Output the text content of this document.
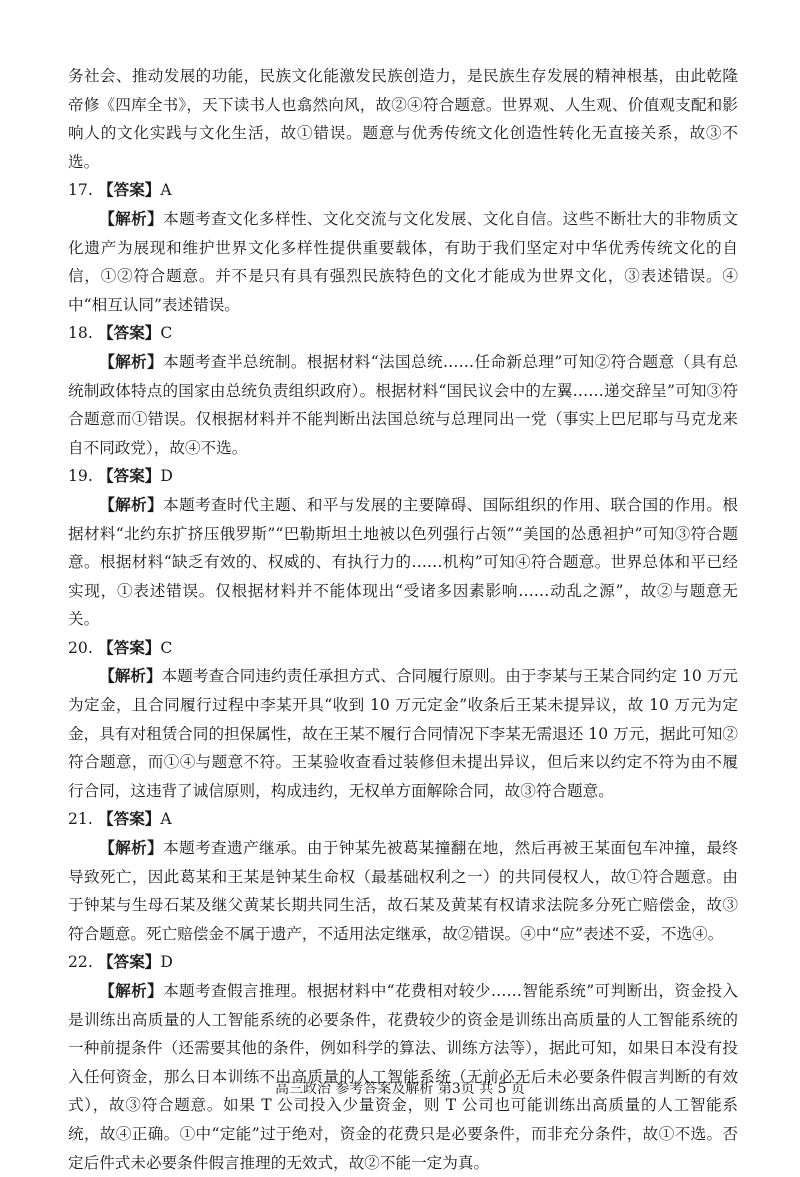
务社会、推动发展的功能，民族文化能激发民族创造力，是民族生存发展的精神根基，由此乾隆帝修《四库全书》，天下读书人也翕然向风，故②④符合题意。世界观、人生观、价值观支配和影响人的文化实践与文化生活，故①错误。题意与优秀传统文化创造性转化无直接关系，故③不选。

17. 【答案】A

【解析】本题考查文化多样性、文化交流与文化发展、文化自信。这些不断壮大的非物质文化遗产为展现和维护世界文化多样性提供重要载体，有助于我们坚定对中华优秀传统文化的自信，①②符合题意。并不是只有具有强烈民族特色的文化才能成为世界文化，③表述错误。④中“相互认同”表述错误。

18. 【答案】C

【解析】本题考查半总统制。根据材料“法国总统……任命新总理”可知②符合题意（具有总统制政体特点的国家由总统负责组织政府）。根据材料“国民议会中的左翼……递交辞呈”可知③符合题意而①错误。仅根据材料并不能判断出法国总统与总理同出一党（事实上巴尼耶与马克龙来自不同政党），故④不选。

19. 【答案】D

【解析】本题考查时代主题、和平与发展的主要障碍、国际组织的作用、联合国的作用。根据材料“北约东扩挤压俄罗斯”“巴勒斯坦土地被以色列强行占领”“美国的怂恿袒护”可知③符合题意。根据材料“缺乏有效的、权威的、有执行力的……机构”可知④符合题意。世界总体和平已经实现，①表述错误。仅根据材料并不能体现出“受诸多因素影响……动乱之源”，故②与题意无关。

20. 【答案】C

【解析】本题考查合同违约责任承担方式、合同履行原则。由于李某与王某合同约定 10 万元为定金，且合同履行过程中李某开具“收到 10 万元定金”收条后王某未提异议，故 10 万元为定金，具有对租赁合同的担保属性，故在王某不履行合同情况下李某无需退还 10 万元，据此可知②符合题意，而①④与题意不符。王某验收查看过装修但未提出异议，但后来以约定不符为由不履行合同，这违背了诚信原则，构成违约，无权单方面解除合同，故③符合题意。

21. 【答案】A

【解析】本题考查遗产继承。由于钟某先被葛某撞翻在地，然后再被王某面包车冲撞，最终导致死亡，因此葛某和王某是钟某生命权（最基础权利之一）的共同侵权人，故①符合题意。由于钟某与生母石某及继父黄某长期共同生活，故石某及黄某有权请求法院多分死亡赔偿金，故③符合题意。死亡赔偿金不属于遗产，不适用法定继承，故②错误。④中“应”表述不妥，不选④。

22. 【答案】D

【解析】本题考查假言推理。根据材料中“花费相对较少……智能系统”可判断出，资金投入是训练出高质量的人工智能系统的必要条件，花费较少的资金是训练出高质量的人工智能系统的一种前提条件（还需要其他的条件，例如科学的算法、训练方法等），据此可知，如果日本没有投入任何资金，那么日本训练不出高质量的人工智能系统（无前必无后未必要条件假言判断的有效式），故③符合题意。如果 T 公司投入少量资金，则 T 公司也可能训练出高质量的人工智能系统，故④正确。①中“定能”过于绝对，资金的花费只是必要条件，而非充分条件，故①不选。否定后件式未必要条件假言推理的无效式，故②不能一定为真。

高三政治 参考答案及解析 第3页 共 5 页
